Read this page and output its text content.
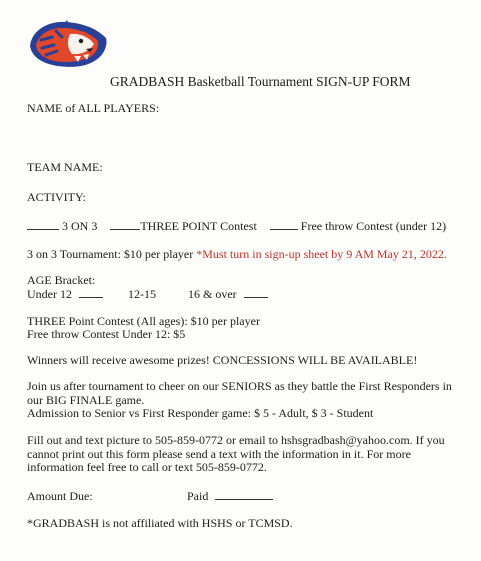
GRADBASH Basketball Tournament SIGN-UP FORM
NAME of ALL PLAYERS:
TEAM NAME:
ACTIVITY:
3 ON 3	THREE POINT Contest	Free throw Contest (under 12)
3 on 3 Tournament: $10 per player *Must turn in sign-up sheet by 9 AM May 21, 2022.
AGE Bracket:
Under 12	12-15	16 & over
THREE Point Contest (All ages): $10 per player
Free throw Contest Under 12: $5
Winners will receive awesome prizes! CONCESSIONS WILL BE AVAILABLE!
Join us after tournament to cheer on our SENIORS as they battle the First Responders in
our BIG FINALE game.
Admission to Senior vs First Responder game: $ 5 - Adult, $ 3 - Student
Fill out and text picture to 505-859-0772 or email to hshsgradbash@yahoo.com. If you
cannot print out this form please send a text with the information in it. For more
information feel free to call or text 505-859-0772.
Amount Due:	Paid
*GRADBASH is not affiliated with HSHS or TCMSD.
